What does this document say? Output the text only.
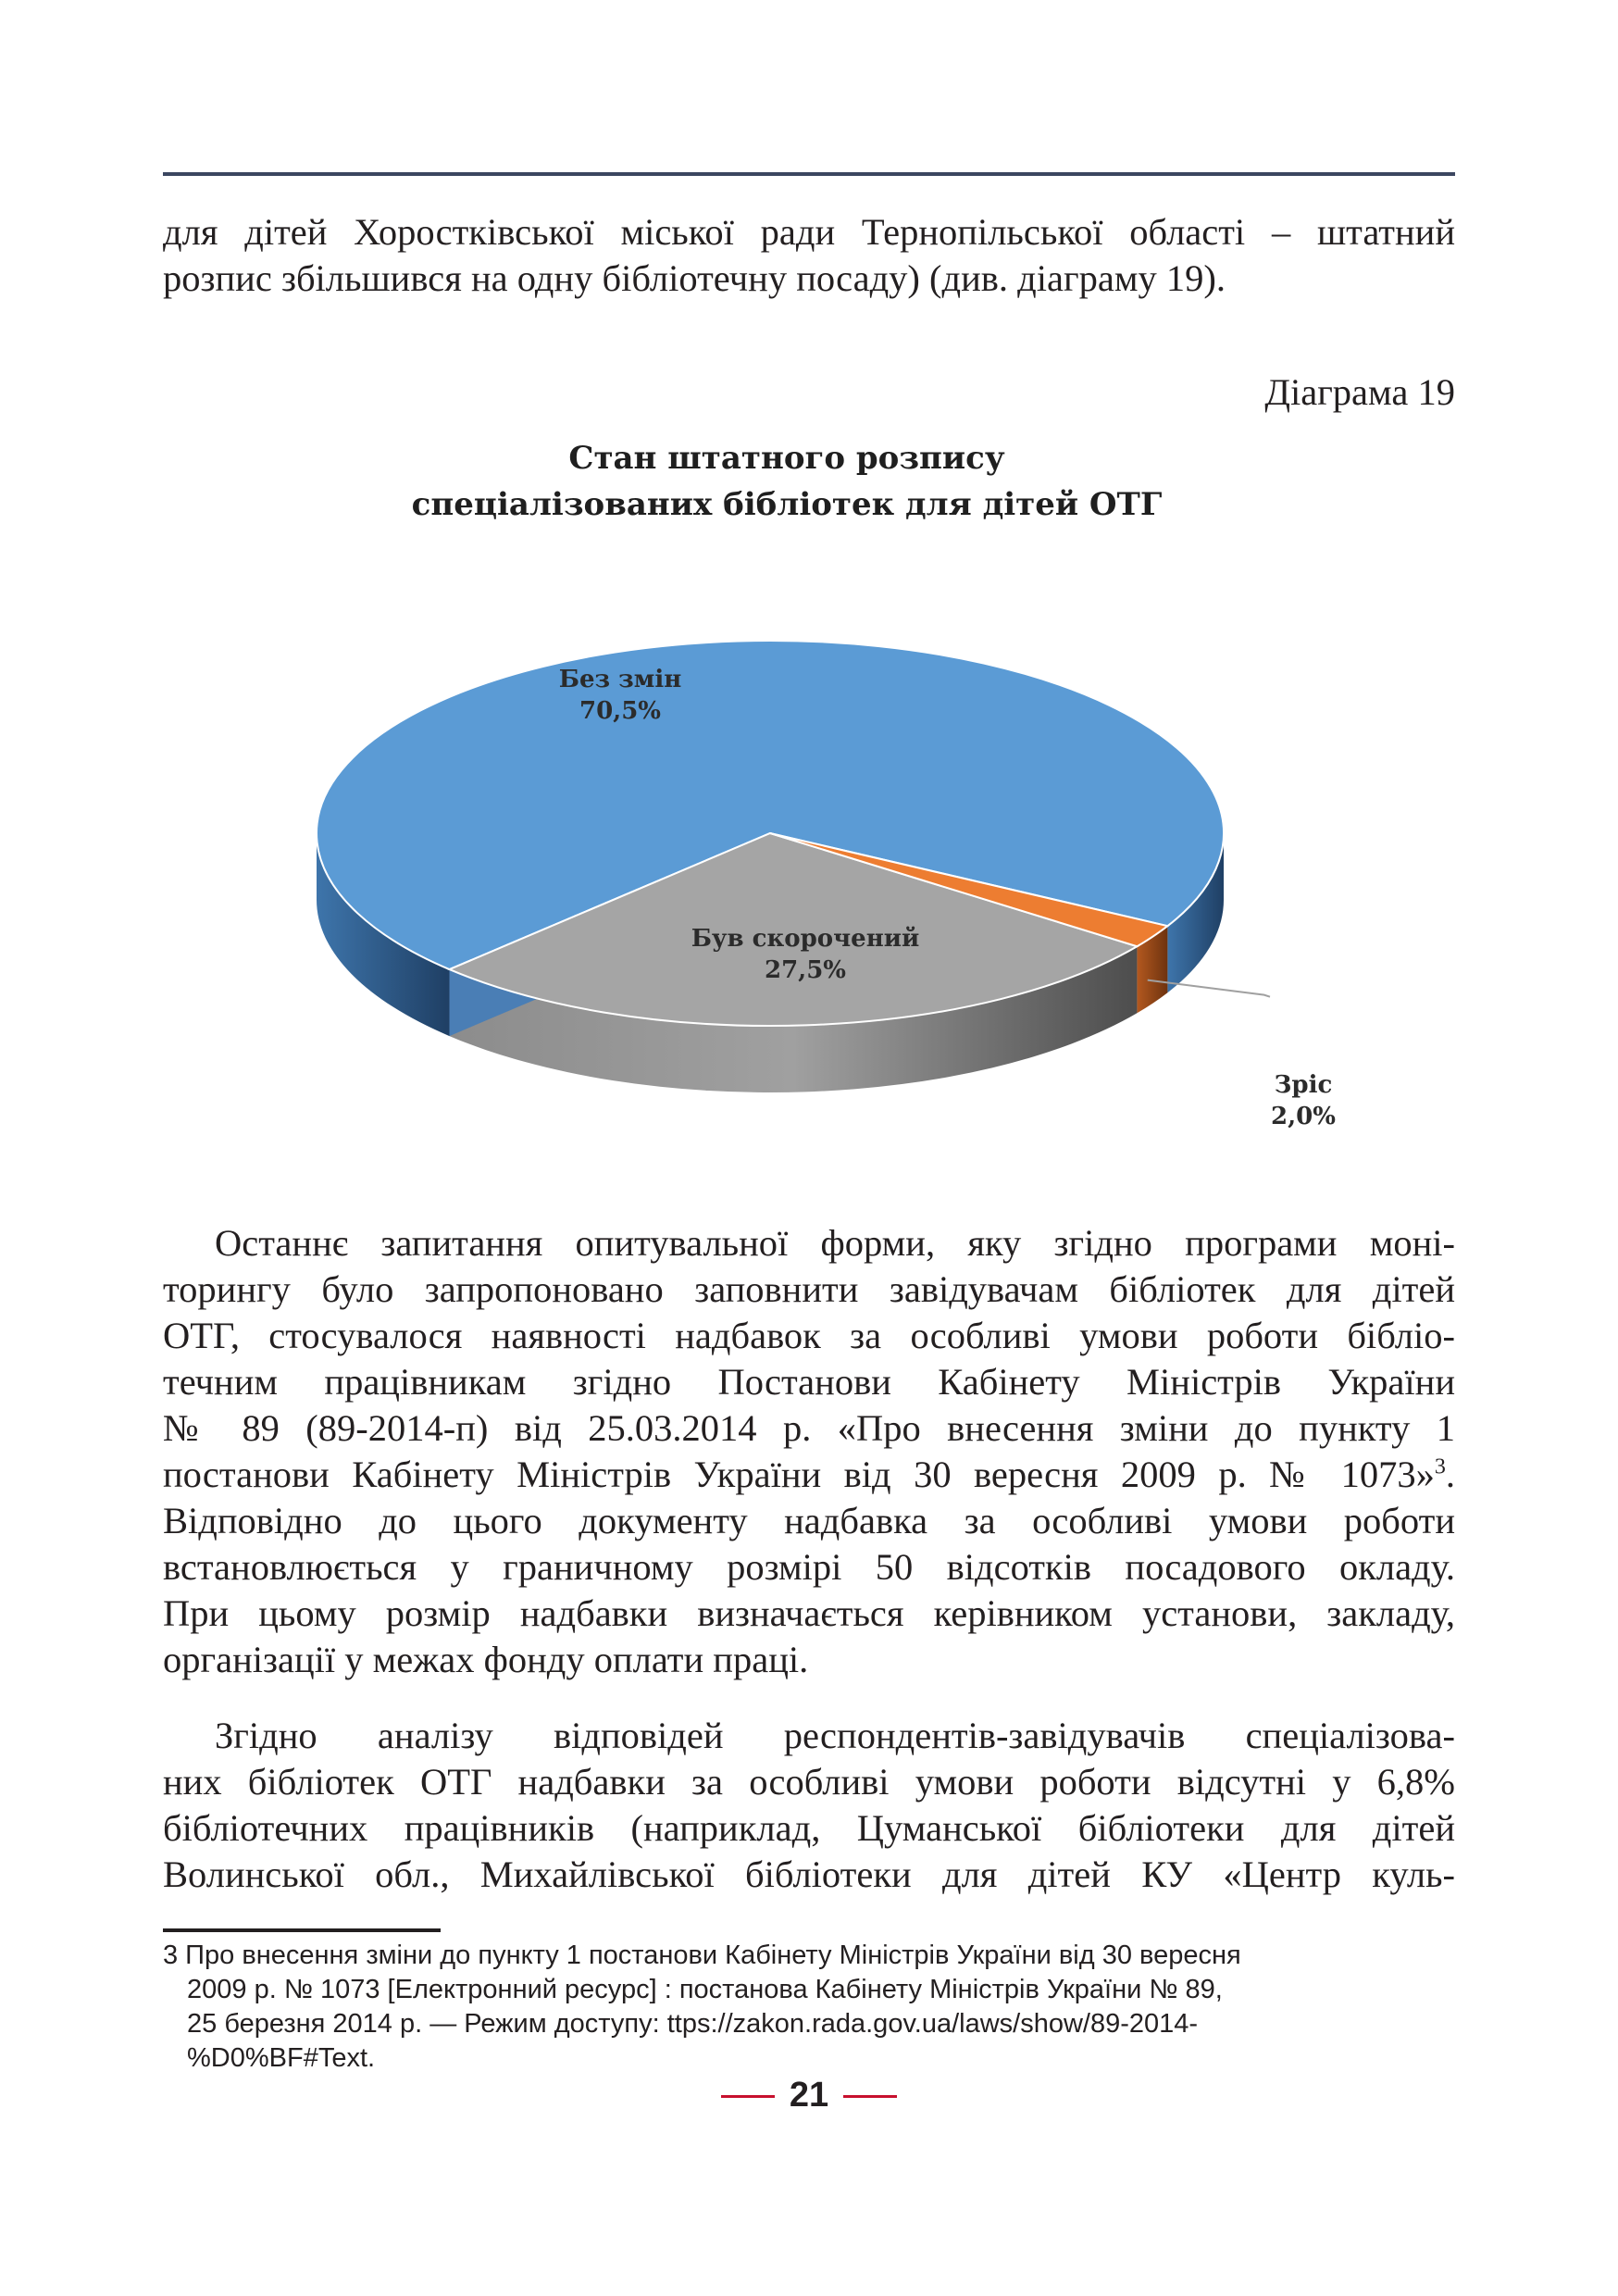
для дітей Хоростківської міської ради Тернопільської області – штатний
розпис збільшився на одну бібліотечну посаду) (див. діаграму 19).

Діаграма 19
Стан штатного розпису
спеціалізованих бібліотек для дітей ОТГ
Без змін 70,5%
Був скорочений 27,5%
Зріс 2,0%

Останнє запитання опитувальної форми, яку згідно програми моні-
торингу було запропоновано заповнити завідувачам бібліотек для дітей
ОТГ, стосувалося наявності надбавок за особливі умови роботи бібліо-
течним працівникам згідно Постанови Кабінету Міністрів України
№ 89 (89-2014-п) від 25.03.2014 р. «Про внесення зміни до пункту 1
постанови Кабінету Міністрів України від 30 вересня 2009 р. № 1073»$^3$.
Відповідно до цього документу надбавка за особливі умови роботи
встановлюється у граничному розмірі 50 відсотків посадового окладу.
При цьому розмір надбавки визначається керівником установи, закладу,
організації у межах фонду оплати праці.

Згідно аналізу відповідей респондентів-завідувачів спеціалізова-
них бібліотек ОТГ надбавки за особливі умови роботи відсутні у 6,8%
бібліотечних працівників (наприклад, Цуманської бібліотеки для дітей
Волинської обл., Михайлівської бібліотеки для дітей КУ «Центр куль-

3 Про внесення зміни до пункту 1 постанови Кабінету Міністрів України від 30 вересня
2009 р. № 1073 [Електронний ресурс] : постанова Кабінету Міністрів України № 89,
25 березня 2014 р. — Режим доступу: ttps://zakon.rada.gov.ua/laws/show/89-2014-
%D0%BF#Text.
21
